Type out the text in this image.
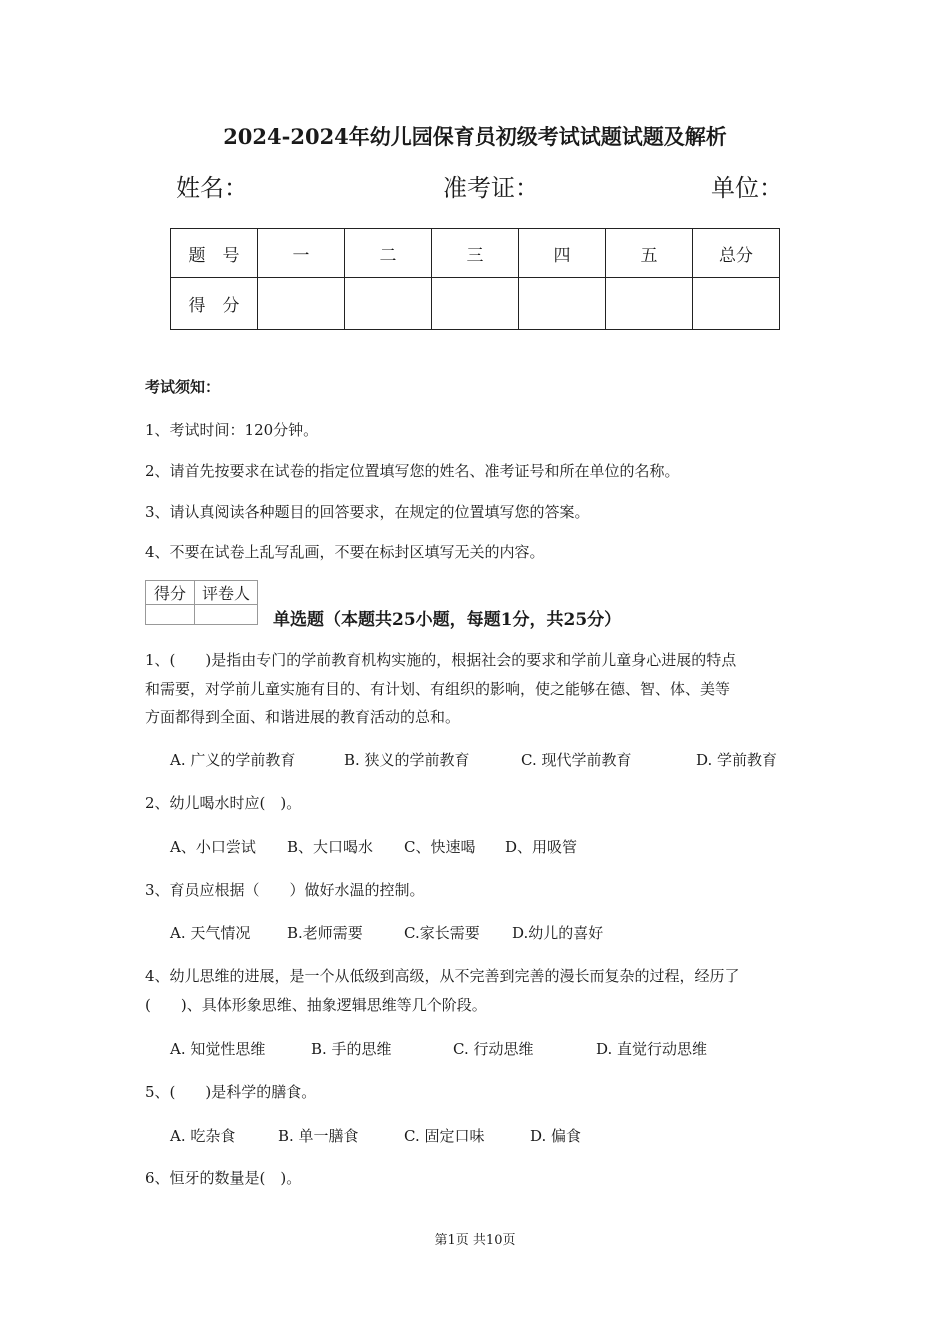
2024-2024年幼儿园保育员初级考试试题试题及解析
姓名：	准考证：	单位：
题　号	一	二	三	四	五	总分
得　分						
考试须知：
1、考试时间：120分钟。
2、请首先按要求在试卷的指定位置填写您的姓名、准考证号和所在单位的名称。
3、请认真阅读各种题目的回答要求，在规定的位置填写您的答案。
4、不要在试卷上乱写乱画，不要在标封区填写无关的内容。
得分	评卷人

单选题（本题共25小题，每题1分，共25分）
1、(　　)是指由专门的学前教育机构实施的，根据社会的要求和学前儿童身心进展的特点
和需要，对学前儿童实施有目的、有计划、有组织的影响，使之能够在德、智、体、美等
方面都得到全面、和谐进展的教育活动的总和。
A. 广义的学前教育	B. 狭义的学前教育	C. 现代学前教育	D. 学前教育
2、幼儿喝水时应(　)。
A、小口尝试 B、大口喝水 C、快速喝 D、用吸管
3、育员应根据（　　）做好水温的控制。
A. 天气情况 B.老师需要	C.家长需要 D.幼儿的喜好
4、幼儿思维的进展，是一个从低级到高级，从不完善到完善的漫长而复杂的过程，经历了
(　　)、具体形象思维、抽象逻辑思维等几个阶段。
A. 知觉性思维	B. 手的思维	C. 行动思维	D. 直觉行动思维
5、(　　)是科学的膳食。
A. 吃杂食	B. 单一膳食	C. 固定口味	D. 偏食
6、恒牙的数量是(　)。
第1页 共10页
